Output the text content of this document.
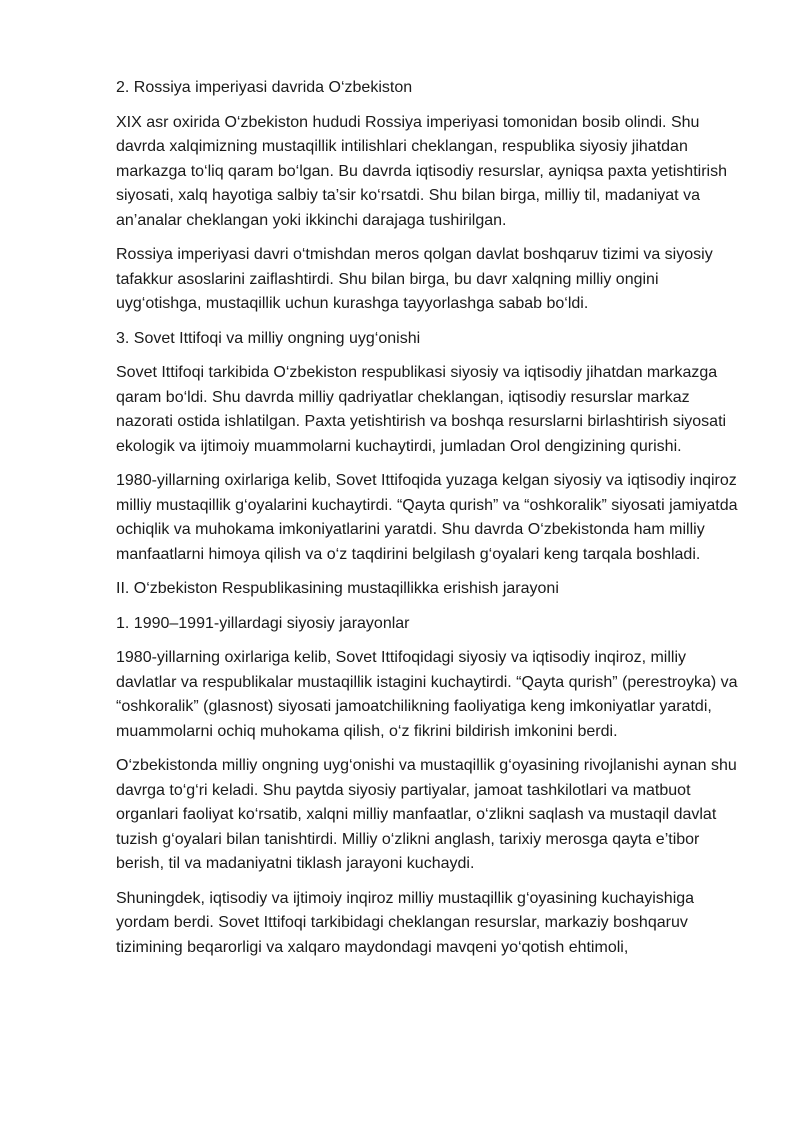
2. Rossiya imperiyasi davrida O‘zbekiston

XIX asr oxirida O‘zbekiston hududi Rossiya imperiyasi tomonidan bosib olindi. Shu davrda xalqimizning mustaqillik intilishlari cheklangan, respublika siyosiy jihatdan markazga to‘liq qaram bo‘lgan. Bu davrda iqtisodiy resurslar, ayniqsa paxta yetishtirish siyosati, xalq hayotiga salbiy ta’sir ko‘rsatdi. Shu bilan birga, milliy til, madaniyat va an’analar cheklangan yoki ikkinchi darajaga tushirilgan.

Rossiya imperiyasi davri o‘tmishdan meros qolgan davlat boshqaruv tizimi va siyosiy tafakkur asoslarini zaiflashtirdi. Shu bilan birga, bu davr xalqning milliy ongini uyg‘otishga, mustaqillik uchun kurashga tayyorlashga sabab bo‘ldi.

3. Sovet Ittifoqi va milliy ongning uyg‘onishi

Sovet Ittifoqi tarkibida O‘zbekiston respublikasi siyosiy va iqtisodiy jihatdan markazga qaram bo‘ldi. Shu davrda milliy qadriyatlar cheklangan, iqtisodiy resurslar markaz nazorati ostida ishlatilgan. Paxta yetishtirish va boshqa resurslarni birlashtirish siyosati ekologik va ijtimoiy muammolarni kuchaytirdi, jumladan Orol dengizining qurishi.

1980-yillarning oxirlariga kelib, Sovet Ittifoqida yuzaga kelgan siyosiy va iqtisodiy inqiroz milliy mustaqillik g‘oyalarini kuchaytirdi. “Qayta qurish” va “oshkoralik” siyosati jamiyatda ochiqlik va muhokama imkoniyatlarini yaratdi. Shu davrda O‘zbekistonda ham milliy manfaatlarni himoya qilish va o‘z taqdirini belgilash g‘oyalari keng tarqala boshladi.

II. O‘zbekiston Respublikasining mustaqillikka erishish jarayoni

1. 1990–1991-yillardagi siyosiy jarayonlar

1980-yillarning oxirlariga kelib, Sovet Ittifoqidagi siyosiy va iqtisodiy inqiroz, milliy davlatlar va respublikalar mustaqillik istagini kuchaytirdi. “Qayta qurish” (perestroyka) va “oshkoralik” (glasnost) siyosati jamoatchilikning faoliyatiga keng imkoniyatlar yaratdi, muammolarni ochiq muhokama qilish, o‘z fikrini bildirish imkonini berdi.

O‘zbekistonda milliy ongning uyg‘onishi va mustaqillik g‘oyasining rivojlanishi aynan shu davrga to‘g‘ri keladi. Shu paytda siyosiy partiyalar, jamoat tashkilotlari va matbuot organlari faoliyat ko‘rsatib, xalqni milliy manfaatlar, o‘zlikni saqlash va mustaqil davlat tuzish g‘oyalari bilan tanishtirdi. Milliy o‘zlikni anglash, tarixiy merosga qayta e’tibor berish, til va madaniyatni tiklash jarayoni kuchaydi.

Shuningdek, iqtisodiy va ijtimoiy inqiroz milliy mustaqillik g‘oyasining kuchayishiga yordam berdi. Sovet Ittifoqi tarkibidagi cheklangan resurslar, markaziy boshqaruv tizimining beqarorligi va xalqaro maydondagi mavqeni yo‘qotish ehtimoli,
